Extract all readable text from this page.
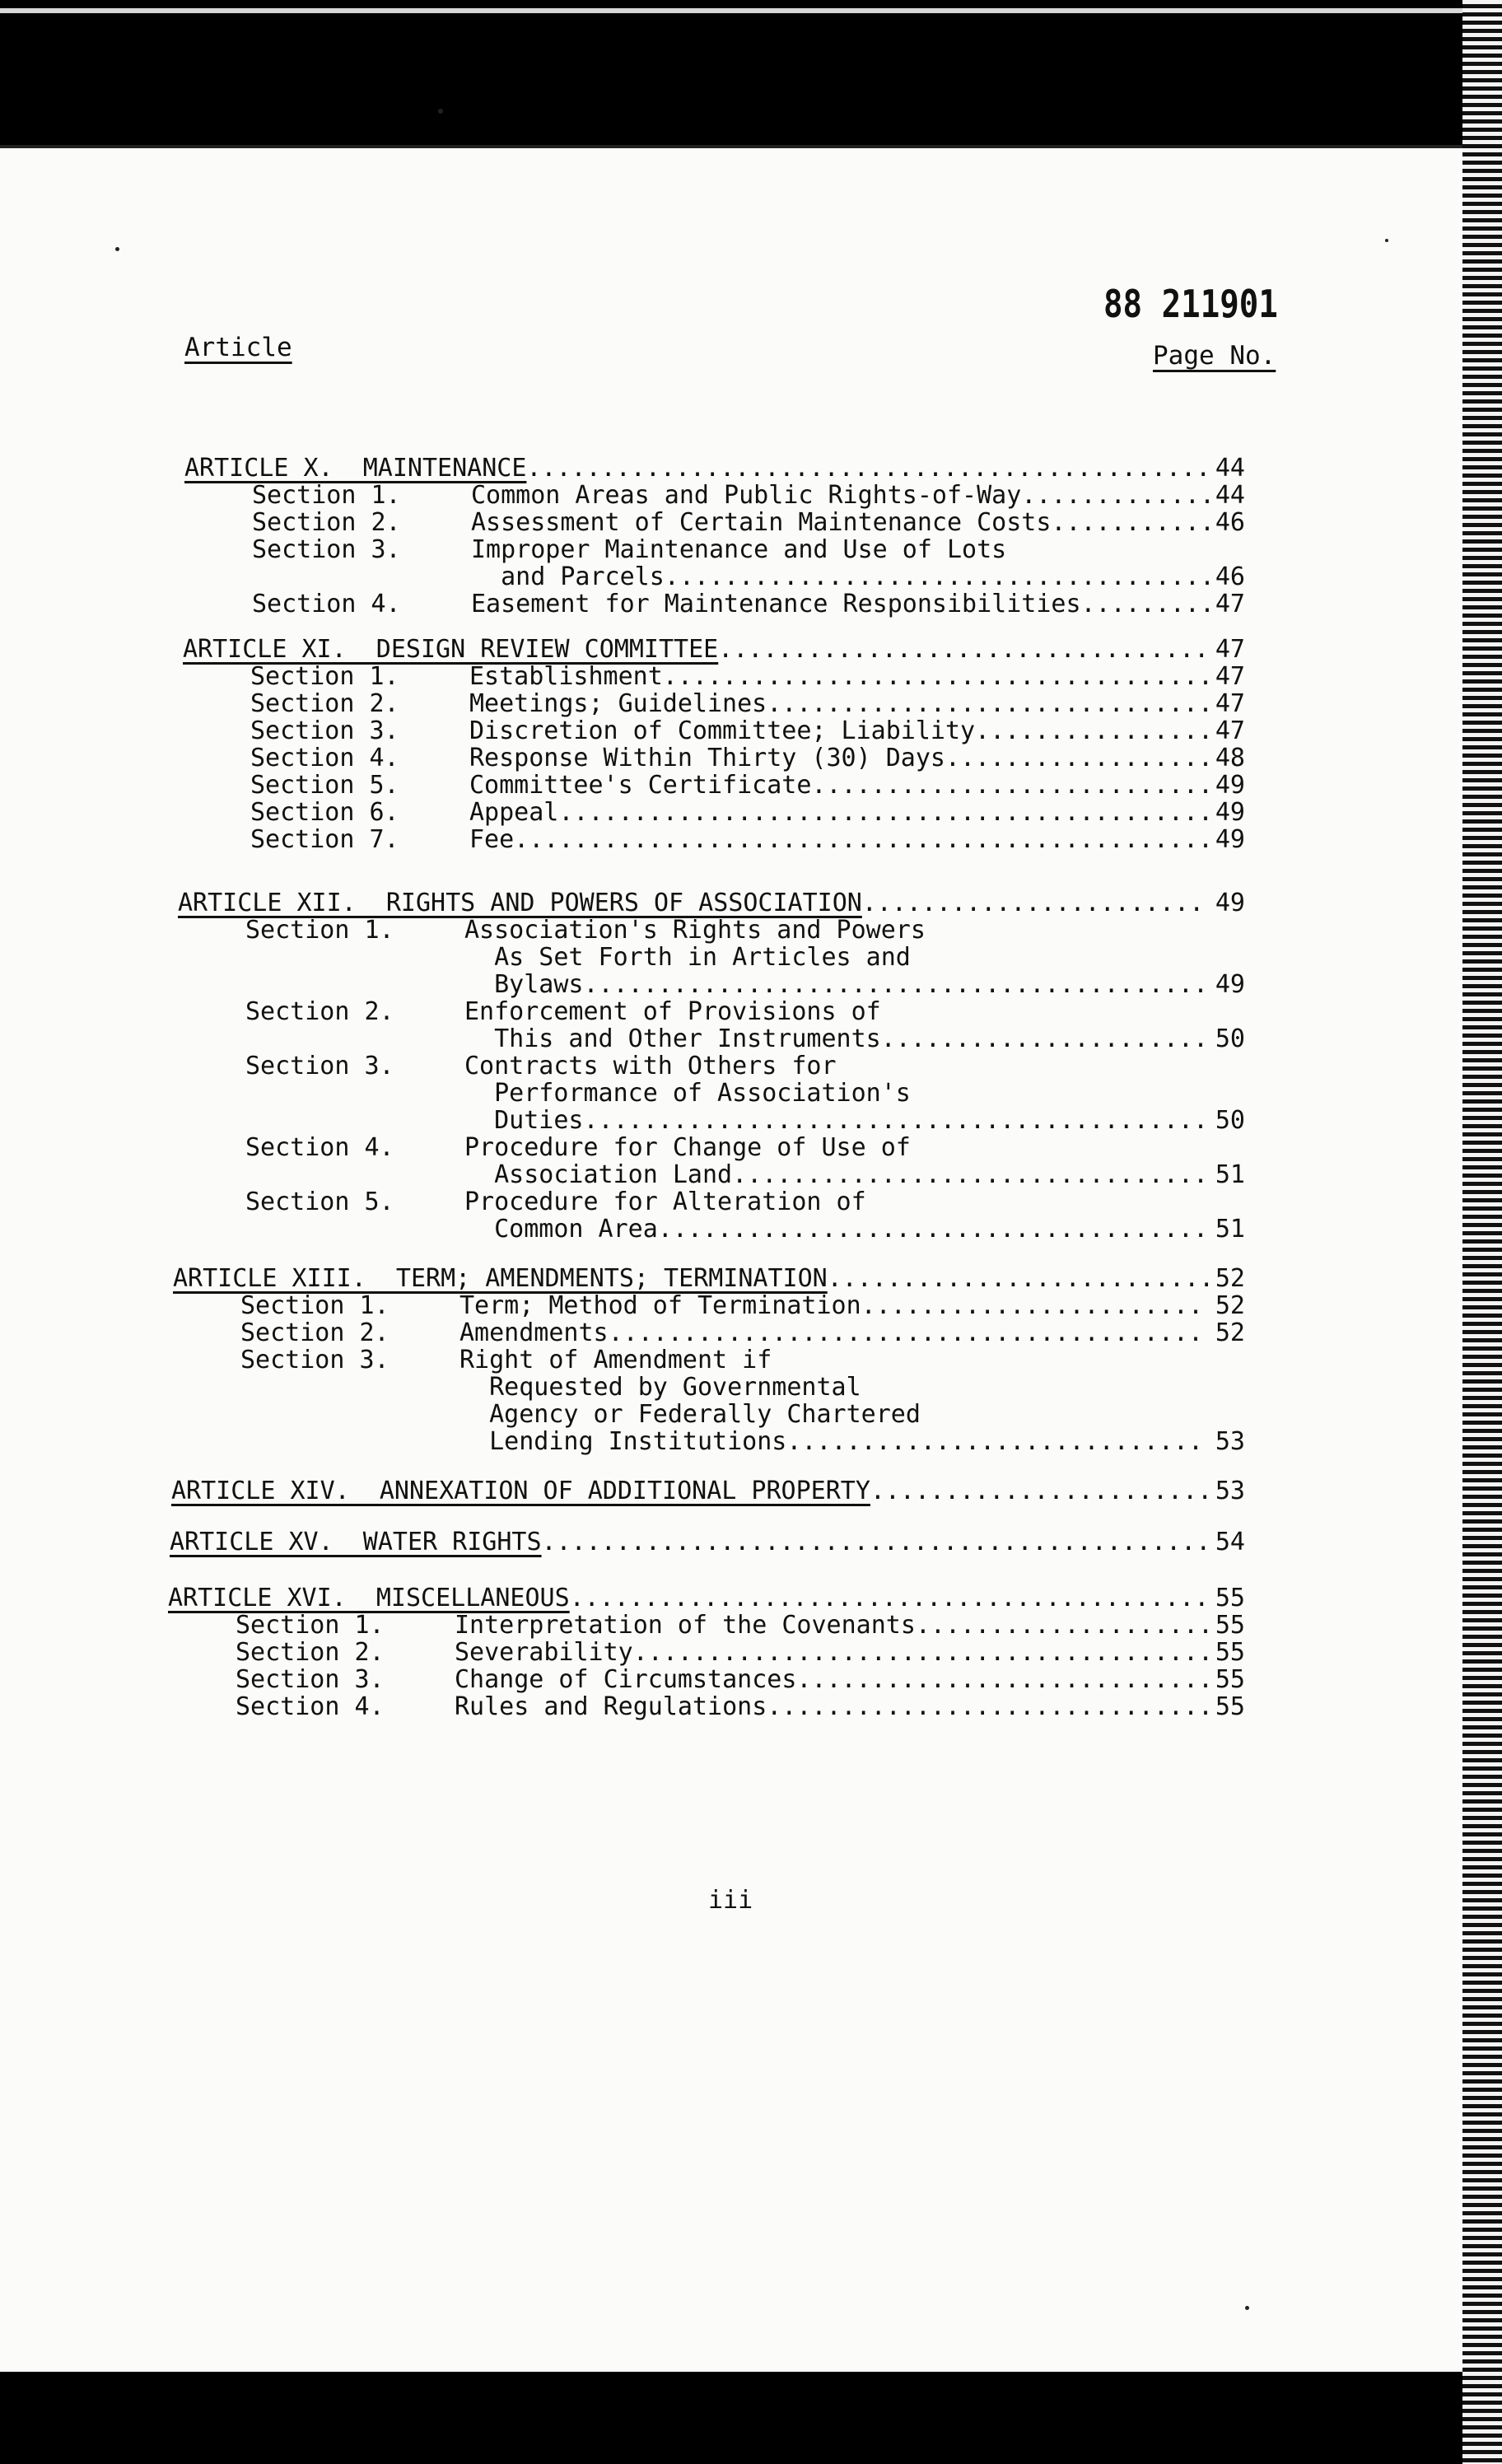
88 211901
Article	Page No.
ARTICLE X.  MAINTENANCE .............................................. 44
Section 1.	Common Areas and Public Rights-of-Way ............. 44
Section 2.	Assessment of Certain Maintenance Costs ........... 46
Section 3.	Improper Maintenance and Use of Lots
and Parcels ..................................... 46
Section 4.	Easement for Maintenance Responsibilities ......... 47
ARTICLE XI.  DESIGN REVIEW COMMITTEE ................................. 47
Section 1.	Establishment ..................................... 47
Section 2.	Meetings; Guidelines .............................. 47
Section 3.	Discretion of Committee; Liability ................ 47
Section 4.	Response Within Thirty (30) Days .................. 48
Section 5.	Committee's Certificate ........................... 49
Section 6.	Appeal ............................................ 49
Section 7.	Fee ............................................... 49
ARTICLE XII.  RIGHTS AND POWERS OF ASSOCIATION ....................... 49
Section 1.	Association's Rights and Powers
As Set Forth in Articles and
Bylaws .......................................... 49
Section 2.	Enforcement of Provisions of
This and Other Instruments ...................... 50
Section 3.	Contracts with Others for
Performance of Association's
Duties .......................................... 50
Section 4.	Procedure for Change of Use of
Association Land ................................ 51
Section 5.	Procedure for Alteration of
Common Area ..................................... 51
ARTICLE XIII.  TERM; AMENDMENTS; TERMINATION .......................... 52
Section 1.	Term; Method of Termination ....................... 52
Section 2.	Amendments ........................................ 52
Section 3.	Right of Amendment if
Requested by Governmental
Agency or Federally Chartered
Lending Institutions ............................ 53
ARTICLE XIV.  ANNEXATION OF ADDITIONAL PROPERTY ....................... 53
ARTICLE XV.  WATER RIGHTS ............................................. 54
ARTICLE XVI.  MISCELLANEOUS ........................................... 55
Section 1.	Interpretation of the Covenants .................... 55
Section 2.	Severability ....................................... 55
Section 3.	Change of Circumstances ............................ 55
Section 4.	Rules and Regulations .............................. 55
iii
